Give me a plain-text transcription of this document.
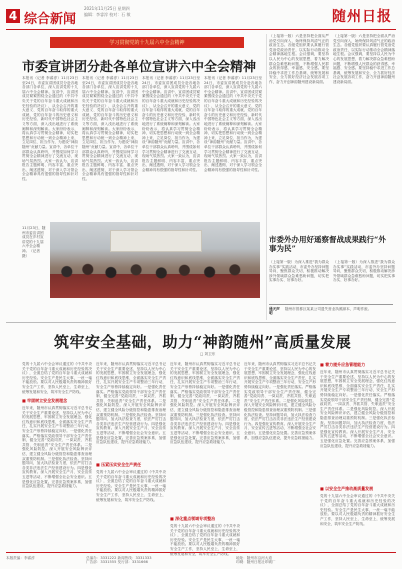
4 综合新闻
2021年11月25日 星期四
编辑：李睿淳 校对：石 敏	随州日报
学习贯彻党的十九届六中全会精神
市委宣讲团分赴各单位宣讲六中全会精神
本报讯（记者 李睿淳）11月23日至24日，市委宣讲团成员分赴各地各部门各单位，深入宣讲党的十九届六中全会精神。宣讲中，宣讲团成员紧紧围绕全会通过的《中共中央关于党的百年奋斗重大成就和历史经验的决议》，从全会召开的重大意义、党的百年奋斗取得的重大成就、党的百年奋斗的历史意义和历史经验、新时代中国特色社会主义等方面，深入浅出地进行了系统阐释和深刻解读。大家纷纷表示，将认真学习贯彻全会精神，切实把思想和行动统一到全会精神上来，立足岗位、担当作为，为建设“神韵随州”贡献力量。宣讲中，各单位干部群众认真聆听，并围绕如何学习贯彻全会精神进行了交流互动，现场气氛热烈。大家一致认为，宣讲报告主题鲜明、内容丰富、重点突出、阐述透彻，对于深入学习领会全会精神具有很强的指导性和针对性。
本报讯（记者 李睿淳）11月23日至24日，市委宣讲团成员分赴各地各部门各单位，深入宣讲党的十九届六中全会精神。宣讲中，宣讲团成员紧紧围绕全会通过的《中共中央关于党的百年奋斗重大成就和历史经验的决议》，从全会召开的重大意义、党的百年奋斗取得的重大成就、党的百年奋斗的历史意义和历史经验、新时代中国特色社会主义等方面，深入浅出地进行了系统阐释和深刻解读。大家纷纷表示，将认真学习贯彻全会精神，切实把思想和行动统一到全会精神上来，立足岗位、担当作为，为建设“神韵随州”贡献力量。宣讲中，各单位干部群众认真聆听，并围绕如何学习贯彻全会精神进行了交流互动，现场气氛热烈。大家一致认为，宣讲报告主题鲜明、内容丰富、重点突出、阐述透彻，对于深入学习领会全会精神具有很强的指导性和针对性。
本报讯（记者 李睿淳）11月23日至24日，市委宣讲团成员分赴各地各部门各单位，深入宣讲党的十九届六中全会精神。宣讲中，宣讲团成员紧紧围绕全会通过的《中共中央关于党的百年奋斗重大成就和历史经验的决议》，从全会召开的重大意义、党的百年奋斗取得的重大成就、党的百年奋斗的历史意义和历史经验、新时代中国特色社会主义等方面，深入浅出地进行了系统阐释和深刻解读。大家纷纷表示，将认真学习贯彻全会精神，切实把思想和行动统一到全会精神上来，立足岗位、担当作为，为建设“神韵随州”贡献力量。宣讲中，各单位干部群众认真聆听，并围绕如何学习贯彻全会精神进行了交流互动，现场气氛热烈。大家一致认为，宣讲报告主题鲜明、内容丰富、重点突出、阐述透彻，对于深入学习领会全会精神具有很强的指导性和针对性。
本报讯（记者 李睿淳）11月23日至24日，市委宣讲团成员分赴各地各部门各单位，深入宣讲党的十九届六中全会精神。宣讲中，宣讲团成员紧紧围绕全会通过的《中共中央关于党的百年奋斗重大成就和历史经验的决议》，从全会召开的重大意义、党的百年奋斗取得的重大成就、党的百年奋斗的历史意义和历史经验、新时代中国特色社会主义等方面，深入浅出地进行了系统阐释和深刻解读。大家纷纷表示，将认真学习贯彻全会精神，切实把思想和行动统一到全会精神上来，立足岗位、担当作为，为建设“神韵随州”贡献力量。宣讲中，各单位干部群众认真聆听，并围绕如何学习贯彻全会精神进行了交流互动，现场气氛热烈。大家一致认为，宣讲报告主题鲜明、内容丰富、重点突出、阐述透彻，对于深入学习领会全会精神具有很强的指导性和针对性。
11月23日，随州市委宣讲团成员在乡村宣讲党的十九届六中全会精神。（记者 摄）
（上接第一版）六是坚持把全面从严治党引向深入，始终保持风清气正的政治生态。各级党组织要认真履行管党治党政治责任，以实际行动推动全会精神落地生根。会议强调，要坚持以人民为中心的发展思想，着力解决群众急难愁盼问题，不断增强人民群众的获得感、幸福感、安全感。要坚持稳中求进工作总基调，统筹发展和安全，全力抓好经济社会发展各项工作，奋力开创神韵随州建设新局面。
（上接第一版）六是坚持把全面从严治党引向深入，始终保持风清气正的政治生态。各级党组织要认真履行管党治党政治责任，以实际行动推动全会精神落地生根。会议强调，要坚持以人民为中心的发展思想，着力解决群众急难愁盼问题，不断增强人民群众的获得感、幸福感、安全感。要坚持稳中求进工作总基调，统筹发展和安全，全力抓好经济社会发展各项工作，奋力开创神韵随州建设新局面。
市委外办用好遥察督战成果践行“外事为民”
（上接第一版）为深入推进“我为群众办实事”实践活动，市委外办坚持问题导向，聚焦群众关切，积极推动解决涉外领域群众急难愁盼问题，切实把实事办实、好事办好。
（上接第一版）为深入推进“我为群众办实事”实践活动，市委外办坚持问题导向，聚焦群众关切，积极推动解决涉外领域群众急难愁盼问题，切实把实事办实、好事办好。
通天声明
随州市曾都区某某公司遗失营业执照副本，声明作废。
筑牢安全基础，助力“神韵随州”高质量发展
□ 刘卫东
党的十九届六中全会审议通过的《中共中央关于党的百年奋斗重大成就和历史经验的决议》，全面总结了党的百年奋斗重大成就和历史经验。安全生产是民生大事，一丝一毫不能放松。要以对人民极端负责的精神抓好安全生产工作，坚持人民至上、生命至上，统筹发展和安全，筑牢安全生产防线。
■ 牢固树立安全发展理念
近年来，随州市认真贯彻落实习近平总书记关于安全生产重要论述，坚持以人民为中心的发展思想，牢固树立安全发展理念，强化红线意识和底线思维，全面落实安全生产责任，扎实开展安全生产专项整治三年行动，安全生产形势持续稳定向好。一是强化责任落实。严格落实党政领导干部安全生产责任制，健全完善“党政同责、一岗双责、齐抓共管、失职追责”安全生产责任体系。二是强化风险防控。深入开展安全风险辨识评估，建立健全风险分级管控和隐患排查治理双重预防机制。三是强化执法检查。坚持问题导向，加大执法检查力度，依法严厉打击各类非法违法生产经营建设行为。四是强化宣传教育。深入开展安全生产月、安全宣传五进等活动，不断增强全社会安全意识。五是强化应急处置。完善应急预案体系，加强应急队伍建设，提升应急救援能力。
近年来，随州市认真贯彻落实习近平总书记关于安全生产重要论述，坚持以人民为中心的发展思想，牢固树立安全发展理念，强化红线意识和底线思维，全面落实安全生产责任，扎实开展安全生产专项整治三年行动，安全生产形势持续稳定向好。一是强化责任落实。严格落实党政领导干部安全生产责任制，健全完善“党政同责、一岗双责、齐抓共管、失职追责”安全生产责任体系。二是强化风险防控。深入开展安全风险辨识评估，建立健全风险分级管控和隐患排查治理双重预防机制。三是强化执法检查。坚持问题导向，加大执法检查力度，依法严厉打击各类非法违法生产经营建设行为。四是强化宣传教育。深入开展安全生产月、安全宣传五进等活动，不断增强全社会安全意识。五是强化应急处置。完善应急预案体系，加强应急队伍建设，提升应急救援能力。
■ 压紧压实安全生产责任
党的十九届六中全会审议通过的《中共中央关于党的百年奋斗重大成就和历史经验的决议》，全面总结了党的百年奋斗重大成就和历史经验。安全生产是民生大事，一丝一毫不能放松。要以对人民极端负责的精神抓好安全生产工作，坚持人民至上、生命至上，统筹发展和安全，筑牢安全生产防线。
近年来，随州市认真贯彻落实习近平总书记关于安全生产重要论述，坚持以人民为中心的发展思想，牢固树立安全发展理念，强化红线意识和底线思维，全面落实安全生产责任，扎实开展安全生产专项整治三年行动，安全生产形势持续稳定向好。一是强化责任落实。严格落实党政领导干部安全生产责任制，健全完善“党政同责、一岗双责、齐抓共管、失职追责”安全生产责任体系。二是强化风险防控。深入开展安全风险辨识评估，建立健全风险分级管控和隐患排查治理双重预防机制。三是强化执法检查。坚持问题导向，加大执法检查力度，依法严厉打击各类非法违法生产经营建设行为。四是强化宣传教育。深入开展安全生产月、安全宣传五进等活动，不断增强全社会安全意识。五是强化应急处置。完善应急预案体系，加强应急队伍建设，提升应急救援能力。
■ 深化重点领域专项整治
党的十九届六中全会审议通过的《中共中央关于党的百年奋斗重大成就和历史经验的决议》，全面总结了党的百年奋斗重大成就和历史经验。安全生产是民生大事，一丝一毫不能放松。要以对人民极端负责的精神抓好安全生产工作，坚持人民至上、生命至上，统筹发展和安全，筑牢安全生产防线。
近年来，随州市认真贯彻落实习近平总书记关于安全生产重要论述，坚持以人民为中心的发展思想，牢固树立安全发展理念，强化红线意识和底线思维，全面落实安全生产责任，扎实开展安全生产专项整治三年行动，安全生产形势持续稳定向好。一是强化责任落实。严格落实党政领导干部安全生产责任制，健全完善“党政同责、一岗双责、齐抓共管、失职追责”安全生产责任体系。二是强化风险防控。深入开展安全风险辨识评估，建立健全风险分级管控和隐患排查治理双重预防机制。三是强化执法检查。坚持问题导向，加大执法检查力度，依法严厉打击各类非法违法生产经营建设行为。四是强化宣传教育。深入开展安全生产月、安全宣传五进等活动，不断增强全社会安全意识。五是强化应急处置。完善应急预案体系，加强应急队伍建设，提升应急救援能力。
■ 着力提升应急管理能力
近年来，随州市认真贯彻落实习近平总书记关于安全生产重要论述，坚持以人民为中心的发展思想，牢固树立安全发展理念，强化红线意识和底线思维，全面落实安全生产责任，扎实开展安全生产专项整治三年行动，安全生产形势持续稳定向好。一是强化责任落实。严格落实党政领导干部安全生产责任制，健全完善“党政同责、一岗双责、齐抓共管、失职追责”安全生产责任体系。二是强化风险防控。深入开展安全风险辨识评估，建立健全风险分级管控和隐患排查治理双重预防机制。三是强化执法检查。坚持问题导向，加大执法检查力度，依法严厉打击各类非法违法生产经营建设行为。四是强化宣传教育。深入开展安全生产月、安全宣传五进等活动，不断增强全社会安全意识。五是强化应急处置。完善应急预案体系，加强应急队伍建设，提升应急救援能力。
■ 以安全生产推动高质量发展
党的十九届六中全会审议通过的《中共中央关于党的百年奋斗重大成就和历史经验的决议》，全面总结了党的百年奋斗重大成就和历史经验。安全生产是民生大事，一丝一毫不能放松。要以对人民极端负责的精神抓好安全生产工作，坚持人民至上、生命至上，统筹发展和安全，筑牢安全生产防线。
本版责编：李睿淳	总编办：3331222 新闻热线：3331333
广告部：3331555 发行部：3331666
地址：随州市沿河大道
印刷：随州日报社印刷厂
